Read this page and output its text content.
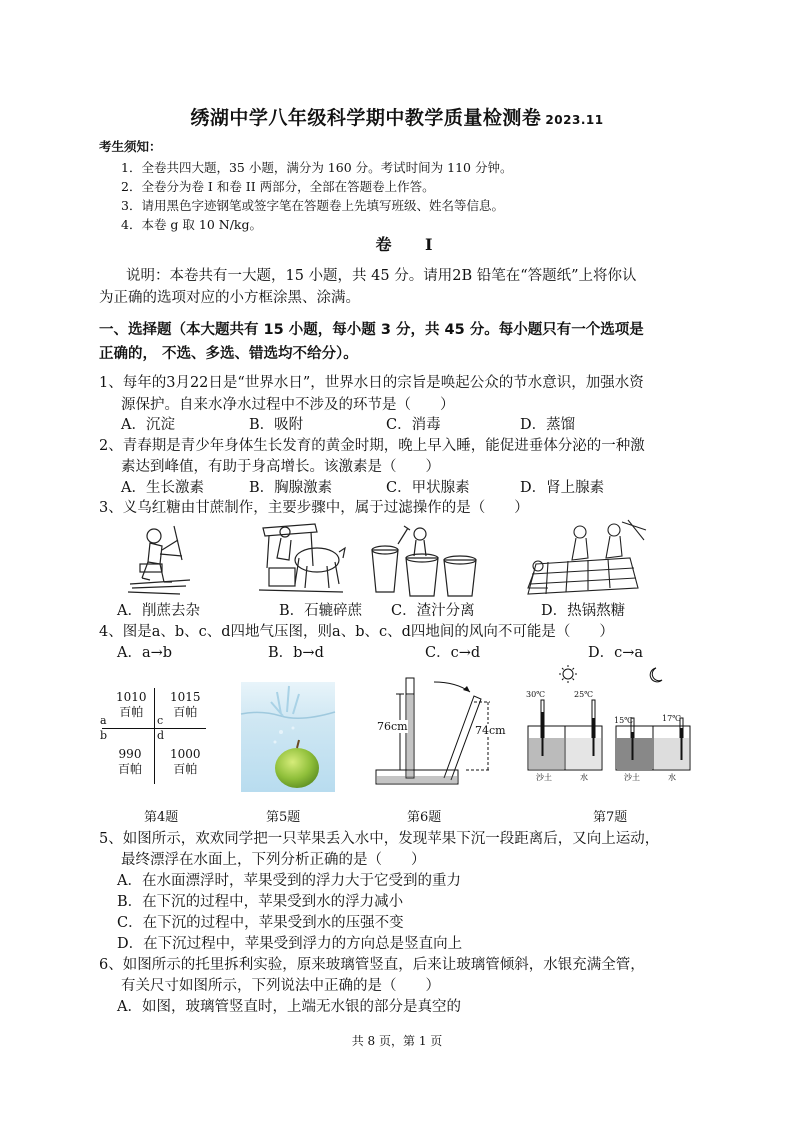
绣湖中学八年级科学期中教学质量检测卷 2023.11
考生须知：
1．全卷共四大题，35 小题，满分为 160 分。考试时间为 110 分钟。
2．全卷分为卷 I 和卷 II 两部分，全部在答题卷上作答。
3．请用黑色字迹钢笔或签字笔在答题卷上先填写班级、姓名等信息。
4．本卷 g 取 10 N/kg。
卷 I
说明：本卷共有一大题，15 小题，共 45 分。请用2B 铅笔在“答题纸”上将你认
为正确的选项对应的小方框涂黑、涂满。
一、选择题（本大题共有 15 小题，每小题 3 分，共 45 分。每小题只有一个选项是
正确的， 不选、多选、错选均不给分）。
1、每年的3月22日是“世界水日”，世界水日的宗旨是唤起公众的节水意识，加强水资
源保护。自来水净水过程中不涉及的环节是（　　）
A．沉淀	B．吸附	C．消毒	D．蒸馏
2、青春期是青少年身体生长发育的黄金时期，晚上早入睡，能促进垂体分泌的一种激
素达到峰值，有助于身高增长。该激素是（　　）
A．生长激素	B．胸腺激素	C．甲状腺素	D．肾上腺素
3、义乌红糖由甘蔗制作，主要步骤中，属于过滤操作的是（　　）
A．削蔗去杂	B．石辘碎蔗 C．渣汁分离	D．热锅熬糖
4、图是a、b、c、d四地气压图，则a、b、c、d四地间的风向不可能是（　　）
A．a→b	B．b→d	C．c→d	D．c→a
1010
百帕
1015
百帕
990
百帕
1000
百帕
a
b
c
d
76cm	74cm
30℃	25℃
15℃	17℃
沙土	水	沙土	水
第4题	第5题	第6题	第7题
5、如图所示，欢欢同学把一只苹果丢入水中，发现苹果下沉一段距离后，又向上运动，
最终漂浮在水面上，下列分析正确的是（　　）
A．在水面漂浮时，苹果受到的浮力大于它受到的重力
B．在下沉的过程中，苹果受到水的浮力减小
C．在下沉的过程中，苹果受到水的压强不变
D．在下沉过程中，苹果受到浮力的方向总是竖直向上
6、如图所示的托里拆利实验，原来玻璃管竖直，后来让玻璃管倾斜，水银充满全管，
有关尺寸如图所示，下列说法中正确的是（　　）
A．如图，玻璃管竖直时，上端无水银的部分是真空的
共 8 页，第 1 页
